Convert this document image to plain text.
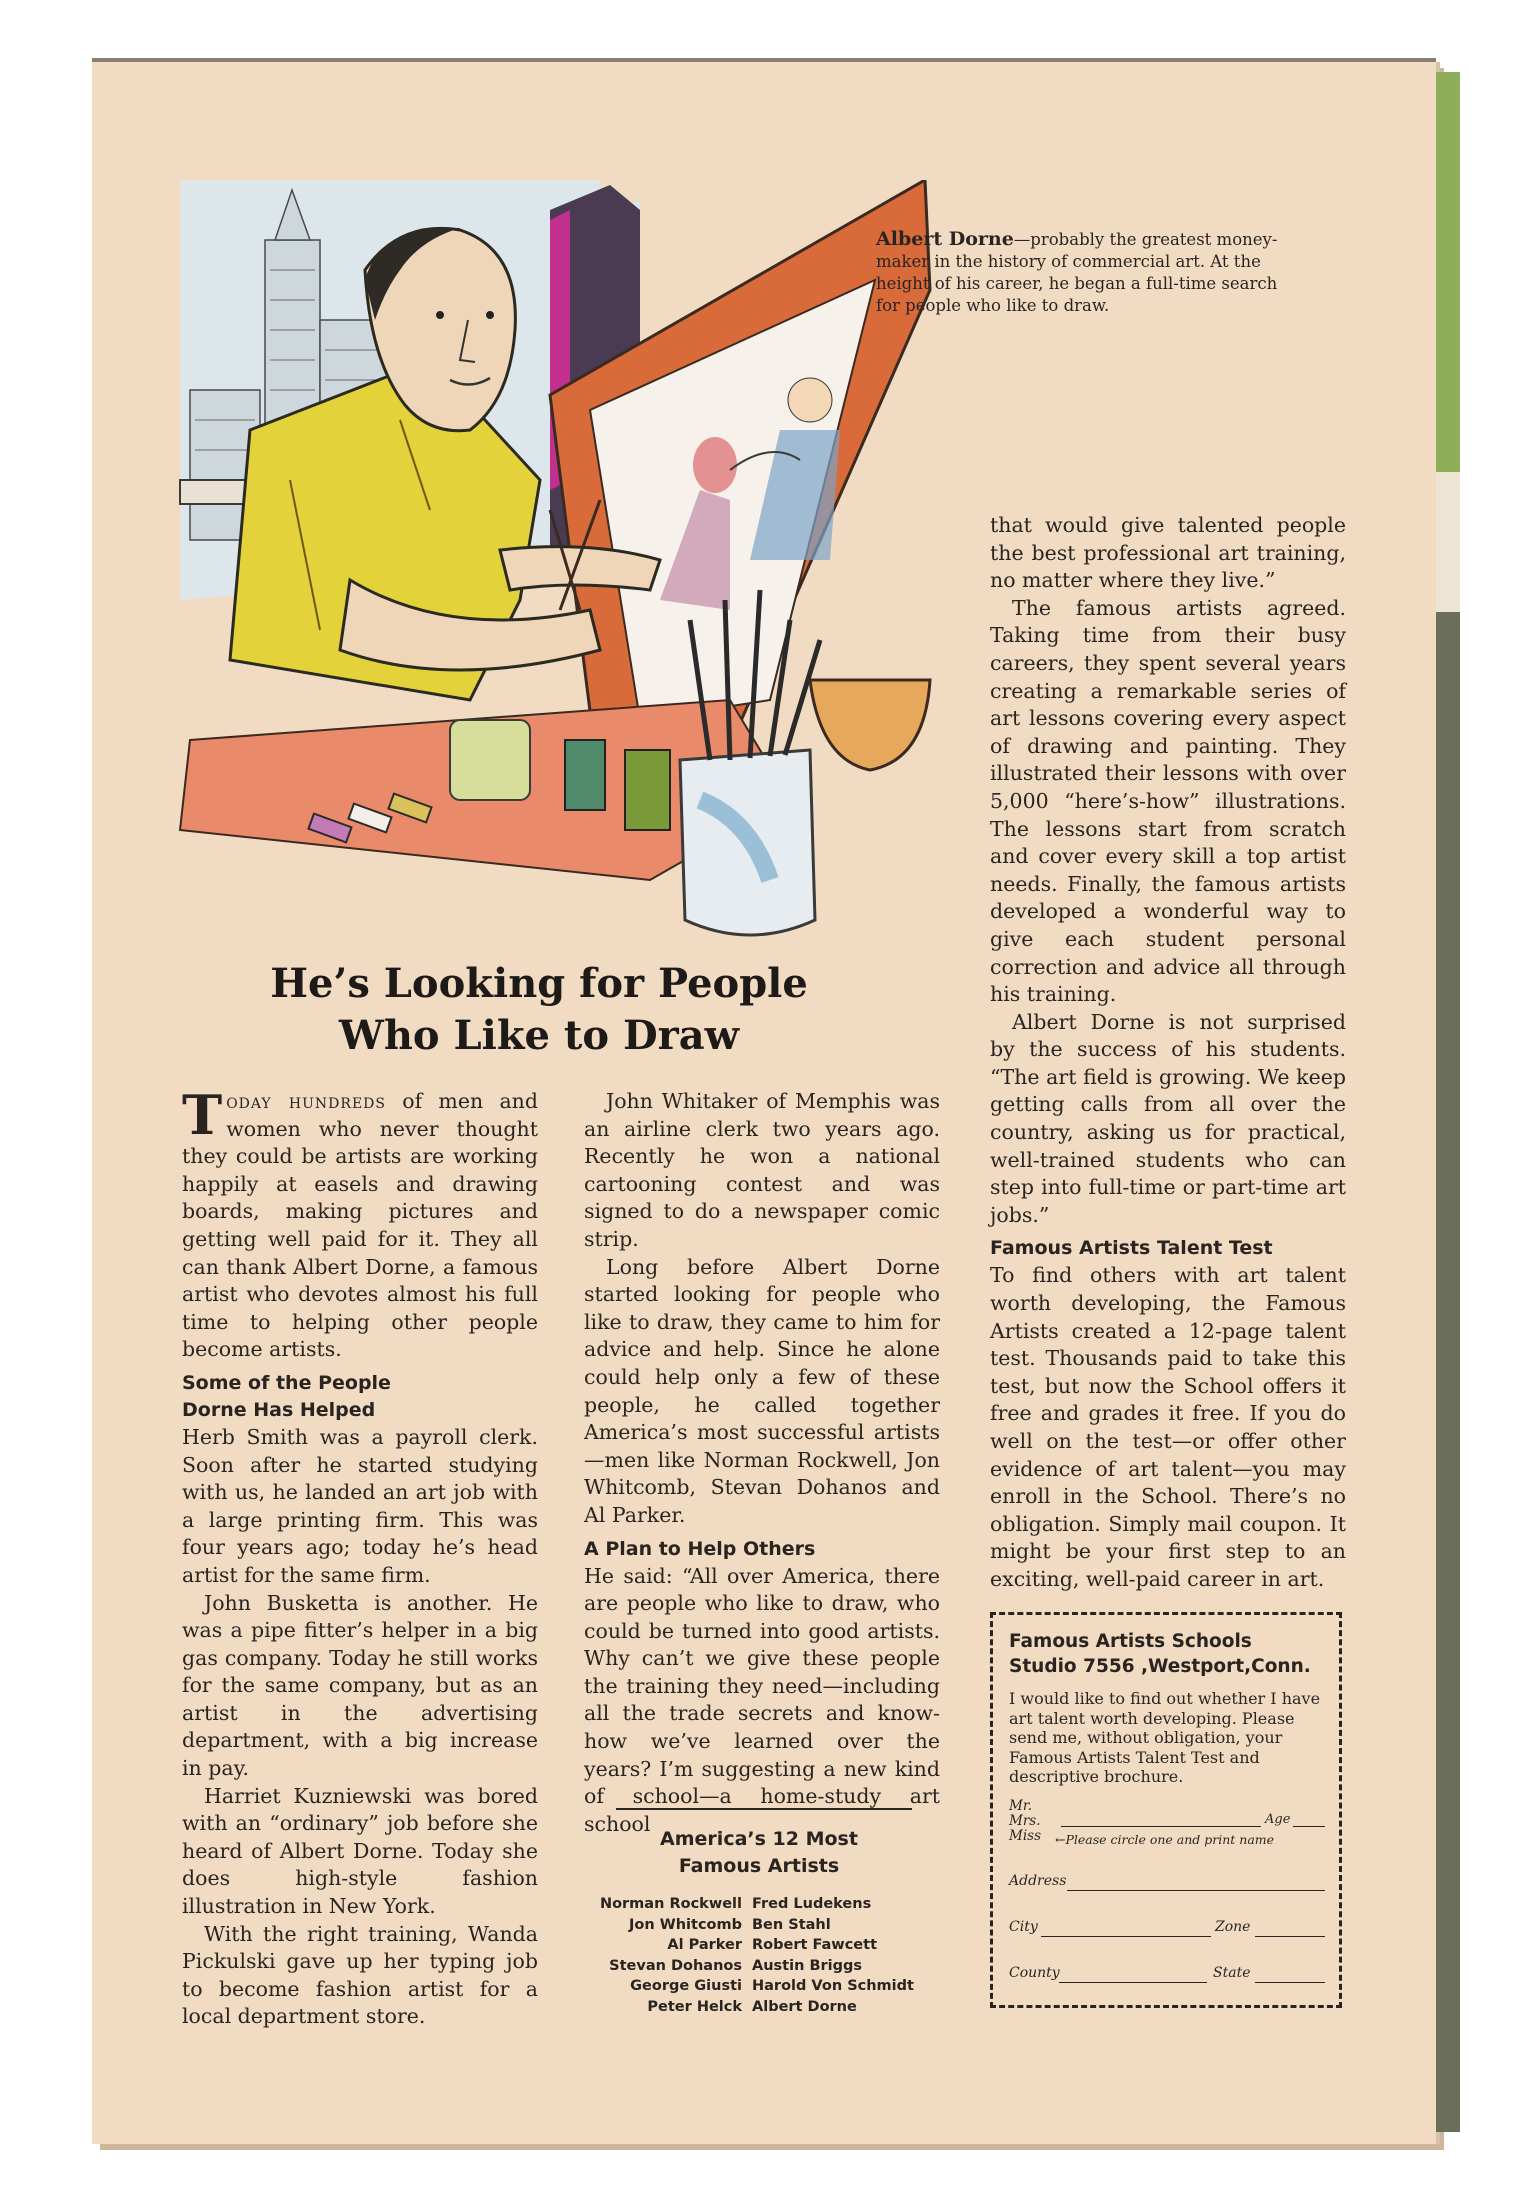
Albert Dorne—probably the greatest money-maker in the history of commercial art. At the height of his career, he began a full-time search for people who like to draw.
He’s Looking for People
Who Like to Draw

Today hundreds of men and women who never thought they could be artists are working happily at easels and drawing boards, making pictures and getting well paid for it. They all can thank Albert Dorne, a famous artist who devotes almost his full time to helping other people become artists.

Some of the People
Dorne Has Helped

Herb Smith was a payroll clerk. Soon after he started studying with us, he landed an art job with a large printing firm. This was four years ago; today he’s head artist for the same firm.

John Busketta is another. He was a pipe fitter’s helper in a big gas company. Today he still works for the same company, but as an artist in the advertising department, with a big increase in pay.

Harriet Kuzniewski was bored with an “ordinary” job before she heard of Albert Dorne. Today she does high-style fashion illustration in New York.

With the right training, Wanda Pickulski gave up her typing job to become fashion artist for a local department store.

John Whitaker of Memphis was an airline clerk two years ago. Recently he won a national cartooning contest and was signed to do a newspaper comic strip.

Long before Albert Dorne started looking for people who like to draw, they came to him for advice and help. Since he alone could help only a few of these people, he called together America’s most successful artists—men like Norman Rockwell, Jon Whitcomb, Stevan Dohanos and Al Parker.

A Plan to Help Others

He said: “All over America, there are people who like to draw, who could be turned into good artists. Why can’t we give these people the training they need—including all the trade secrets and know-how we’ve learned over the years? I’m suggesting a new kind of school—a home-study art school

America’s 12 Most
Famous Artists
Norman Rockwell Fred Ludekens
Jon Whitcomb Ben Stahl
Al Parker Robert Fawcett
Stevan Dohanos Austin Briggs
George Giusti Harold Von Schmidt
Peter Helck Albert Dorne

that would give talented people the best professional art training, no matter where they live.”

The famous artists agreed. Taking time from their busy careers, they spent several years creating a remarkable series of art lessons covering every aspect of drawing and painting. They illustrated their lessons with over 5,000 “here’s-how” illustrations. The lessons start from scratch and cover every skill a top artist needs. Finally, the famous artists developed a wonderful way to give each student personal correction and advice all through his training.

Albert Dorne is not surprised by the success of his students. “The art field is growing. We keep getting calls from all over the country, asking us for practical, well-trained students who can step into full-time or part-time art jobs.”

Famous Artists Talent Test

To find others with art talent worth developing, the Famous Artists created a 12-page talent test. Thousands paid to take this test, but now the School offers it free and grades it free. If you do well on the test—or offer other evidence of art talent—you may enroll in the School. There’s no obligation. Simply mail coupon. It might be your first step to an exciting, well-paid career in art.

Famous Artists Schools
Studio 7556 ,Westport,Conn.
I would like to find out whether I have art talent worth developing. Please send me, without obligation, your Famous Artists Talent Test and descriptive brochure.
Mr.
Mrs.
Miss
Age
←Please circle one and print name
Address
City	Zone
County	State
